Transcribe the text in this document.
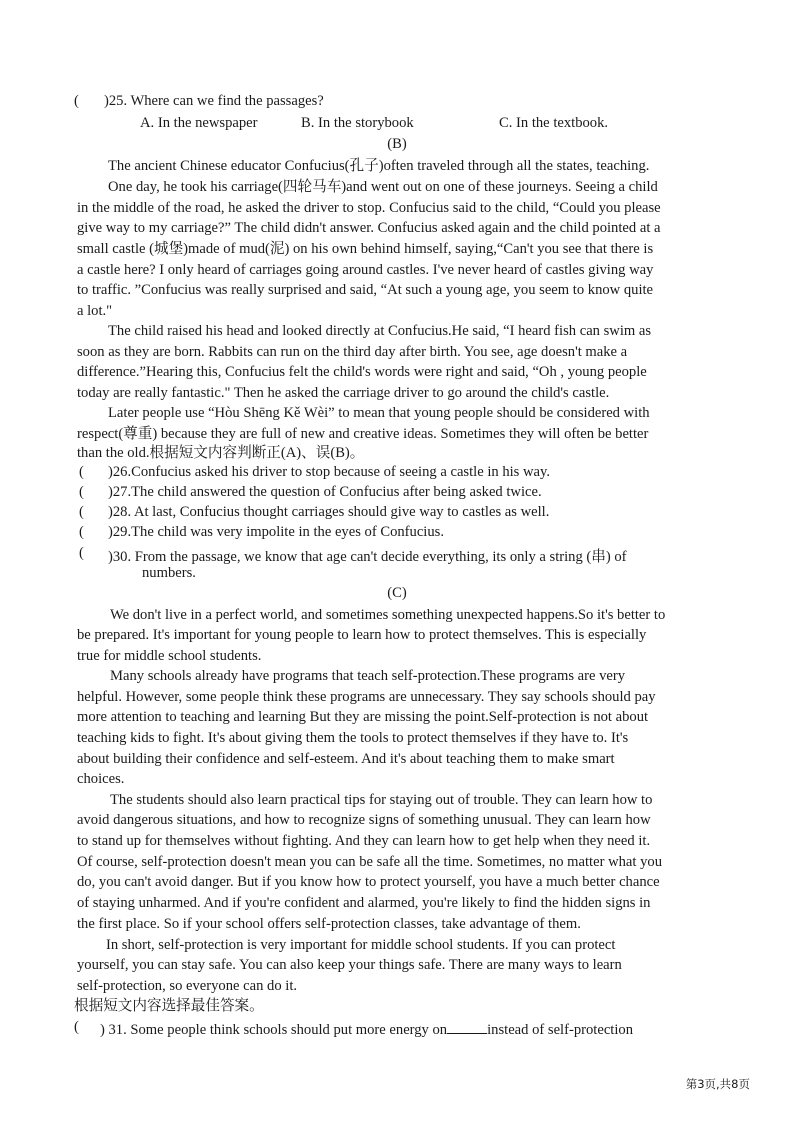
( )25. Where can we find the passages?
A. In the newspaper	B. In the storybook	C. In the textbook.
(B)
The ancient Chinese educator Confucius(孔子)often traveled through all the states, teaching.
One day, he took his carriage(四轮马车)and went out on one of these journeys. Seeing a child
in the middle of the road, he asked the driver to stop. Confucius said to the child, “Could you please
give way to my carriage?” The child didn't answer. Confucius asked again and the child pointed at a
small castle (城堡)made of mud(泥) on his own behind himself, saying,“Can't you see that there is
a castle here? I only heard of carriages going around castles. I've never heard of castles giving way
to traffic. ”Confucius was really surprised and said, “At such a young age, you seem to know quite
a lot."
The child raised his head and looked directly at Confucius.He said, “I heard fish can swim as
soon as they are born. Rabbits can run on the third day after birth. You see, age doesn't make a
difference.”Hearing this, Confucius felt the child's words were right and said, “Oh , young people
today are really fantastic." Then he asked the carriage driver to go around the child's castle.
Later people use “Hòu Shēng Kě Wèi” to mean that young people should be considered with
respect(尊重) because they are full of new and creative ideas. Sometimes they will often be better
than the old.根据短文内容判断正(A)、误(B)。
( )26.Confucius asked his driver to stop because of seeing a castle in his way.
( )27.The child answered the question of Confucius after being asked twice.
( )28. At last, Confucius thought carriages should give way to castles as well.
( )29.The child was very impolite in the eyes of Confucius.
( )30. From the passage, we know that age can't decide everything, its only a string (串) of
numbers.
(C)
We don't live in a perfect world, and sometimes something unexpected happens.So it's better to
be prepared. It's important for young people to learn how to protect themselves. This is especially
true for middle school students.
Many schools already have programs that teach self-protection.These programs are very
helpful. However, some people think these programs are unnecessary. They say schools should pay
more attention to teaching and learning But they are missing the point.Self-protection is not about
teaching kids to fight. It's about giving them the tools to protect themselves if they have to. It's
about building their confidence and self-esteem. And it's about teaching them to make smart
choices.
The students should also learn practical tips for staying out of trouble. They can learn how to
avoid dangerous situations, and how to recognize signs of something unusual. They can learn how
to stand up for themselves without fighting. And they can learn how to get help when they need it.
Of course, self-protection doesn't mean you can be safe all the time. Sometimes, no matter what you
do, you can't avoid danger. But if you know how to protect yourself, you have a much better chance
of staying unharmed. And if you're confident and alarmed, you're likely to find the hidden signs in
the first place. So if your school offers self-protection classes, take advantage of them.
In short, self-protection is very important for middle school students. If you can protect
yourself, you can stay safe. You can also keep your things safe. There are many ways to learn
self-protection, so everyone can do it.
根据短文内容选择最佳答案。
( ) 31. Some people think schools should put more energy on	instead of self-protection
第3页,共8页
